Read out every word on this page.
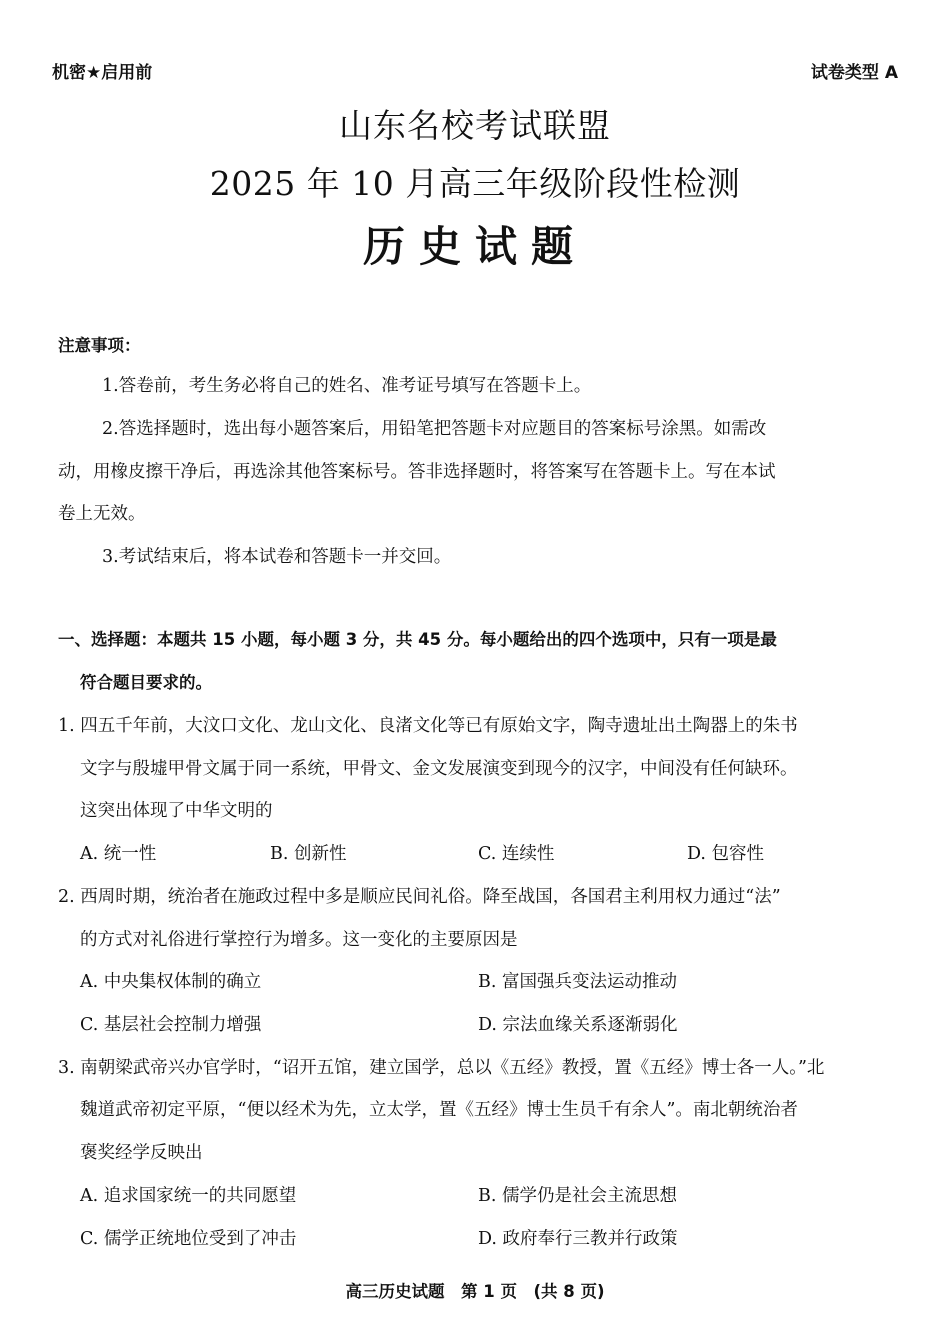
机密★启用前	试卷类型 A
山东名校考试联盟
2025 年 10 月高三年级阶段性检测
历史试题
注意事项：
1.答卷前，考生务必将自己的姓名、准考证号填写在答题卡上。
2.答选择题时，选出每小题答案后，用铅笔把答题卡对应题目的答案标号涂黑。如需改
动，用橡皮擦干净后，再选涂其他答案标号。答非选择题时，将答案写在答题卡上。写在本试
卷上无效。
3.考试结束后，将本试卷和答题卡一并交回。
一、选择题：本题共 15 小题，每小题 3 分，共 45 分。每小题给出的四个选项中，只有一项是最
符合题目要求的。
1. 四五千年前，大汶口文化、龙山文化、良渚文化等已有原始文字，陶寺遗址出土陶器上的朱书
文字与殷墟甲骨文属于同一系统，甲骨文、金文发展演变到现今的汉字，中间没有任何缺环。
这突出体现了中华文明的
A. 统一性	B. 创新性	C. 连续性	D. 包容性
2. 西周时期，统治者在施政过程中多是顺应民间礼俗。降至战国，各国君主利用权力通过“法”
的方式对礼俗进行掌控行为增多。这一变化的主要原因是
A. 中央集权体制的确立	B. 富国强兵变法运动推动
C. 基层社会控制力增强	D. 宗法血缘关系逐渐弱化
3. 南朝梁武帝兴办官学时，“诏开五馆，建立国学，总以《五经》教授，置《五经》博士各一人。”北
魏道武帝初定平原，“便以经术为先，立太学，置《五经》博士生员千有余人”。南北朝统治者
褒奖经学反映出
A. 追求国家统一的共同愿望	B. 儒学仍是社会主流思想
C. 儒学正统地位受到了冲击	D. 政府奉行三教并行政策
高三历史试题　第 1 页　(共 8 页)
